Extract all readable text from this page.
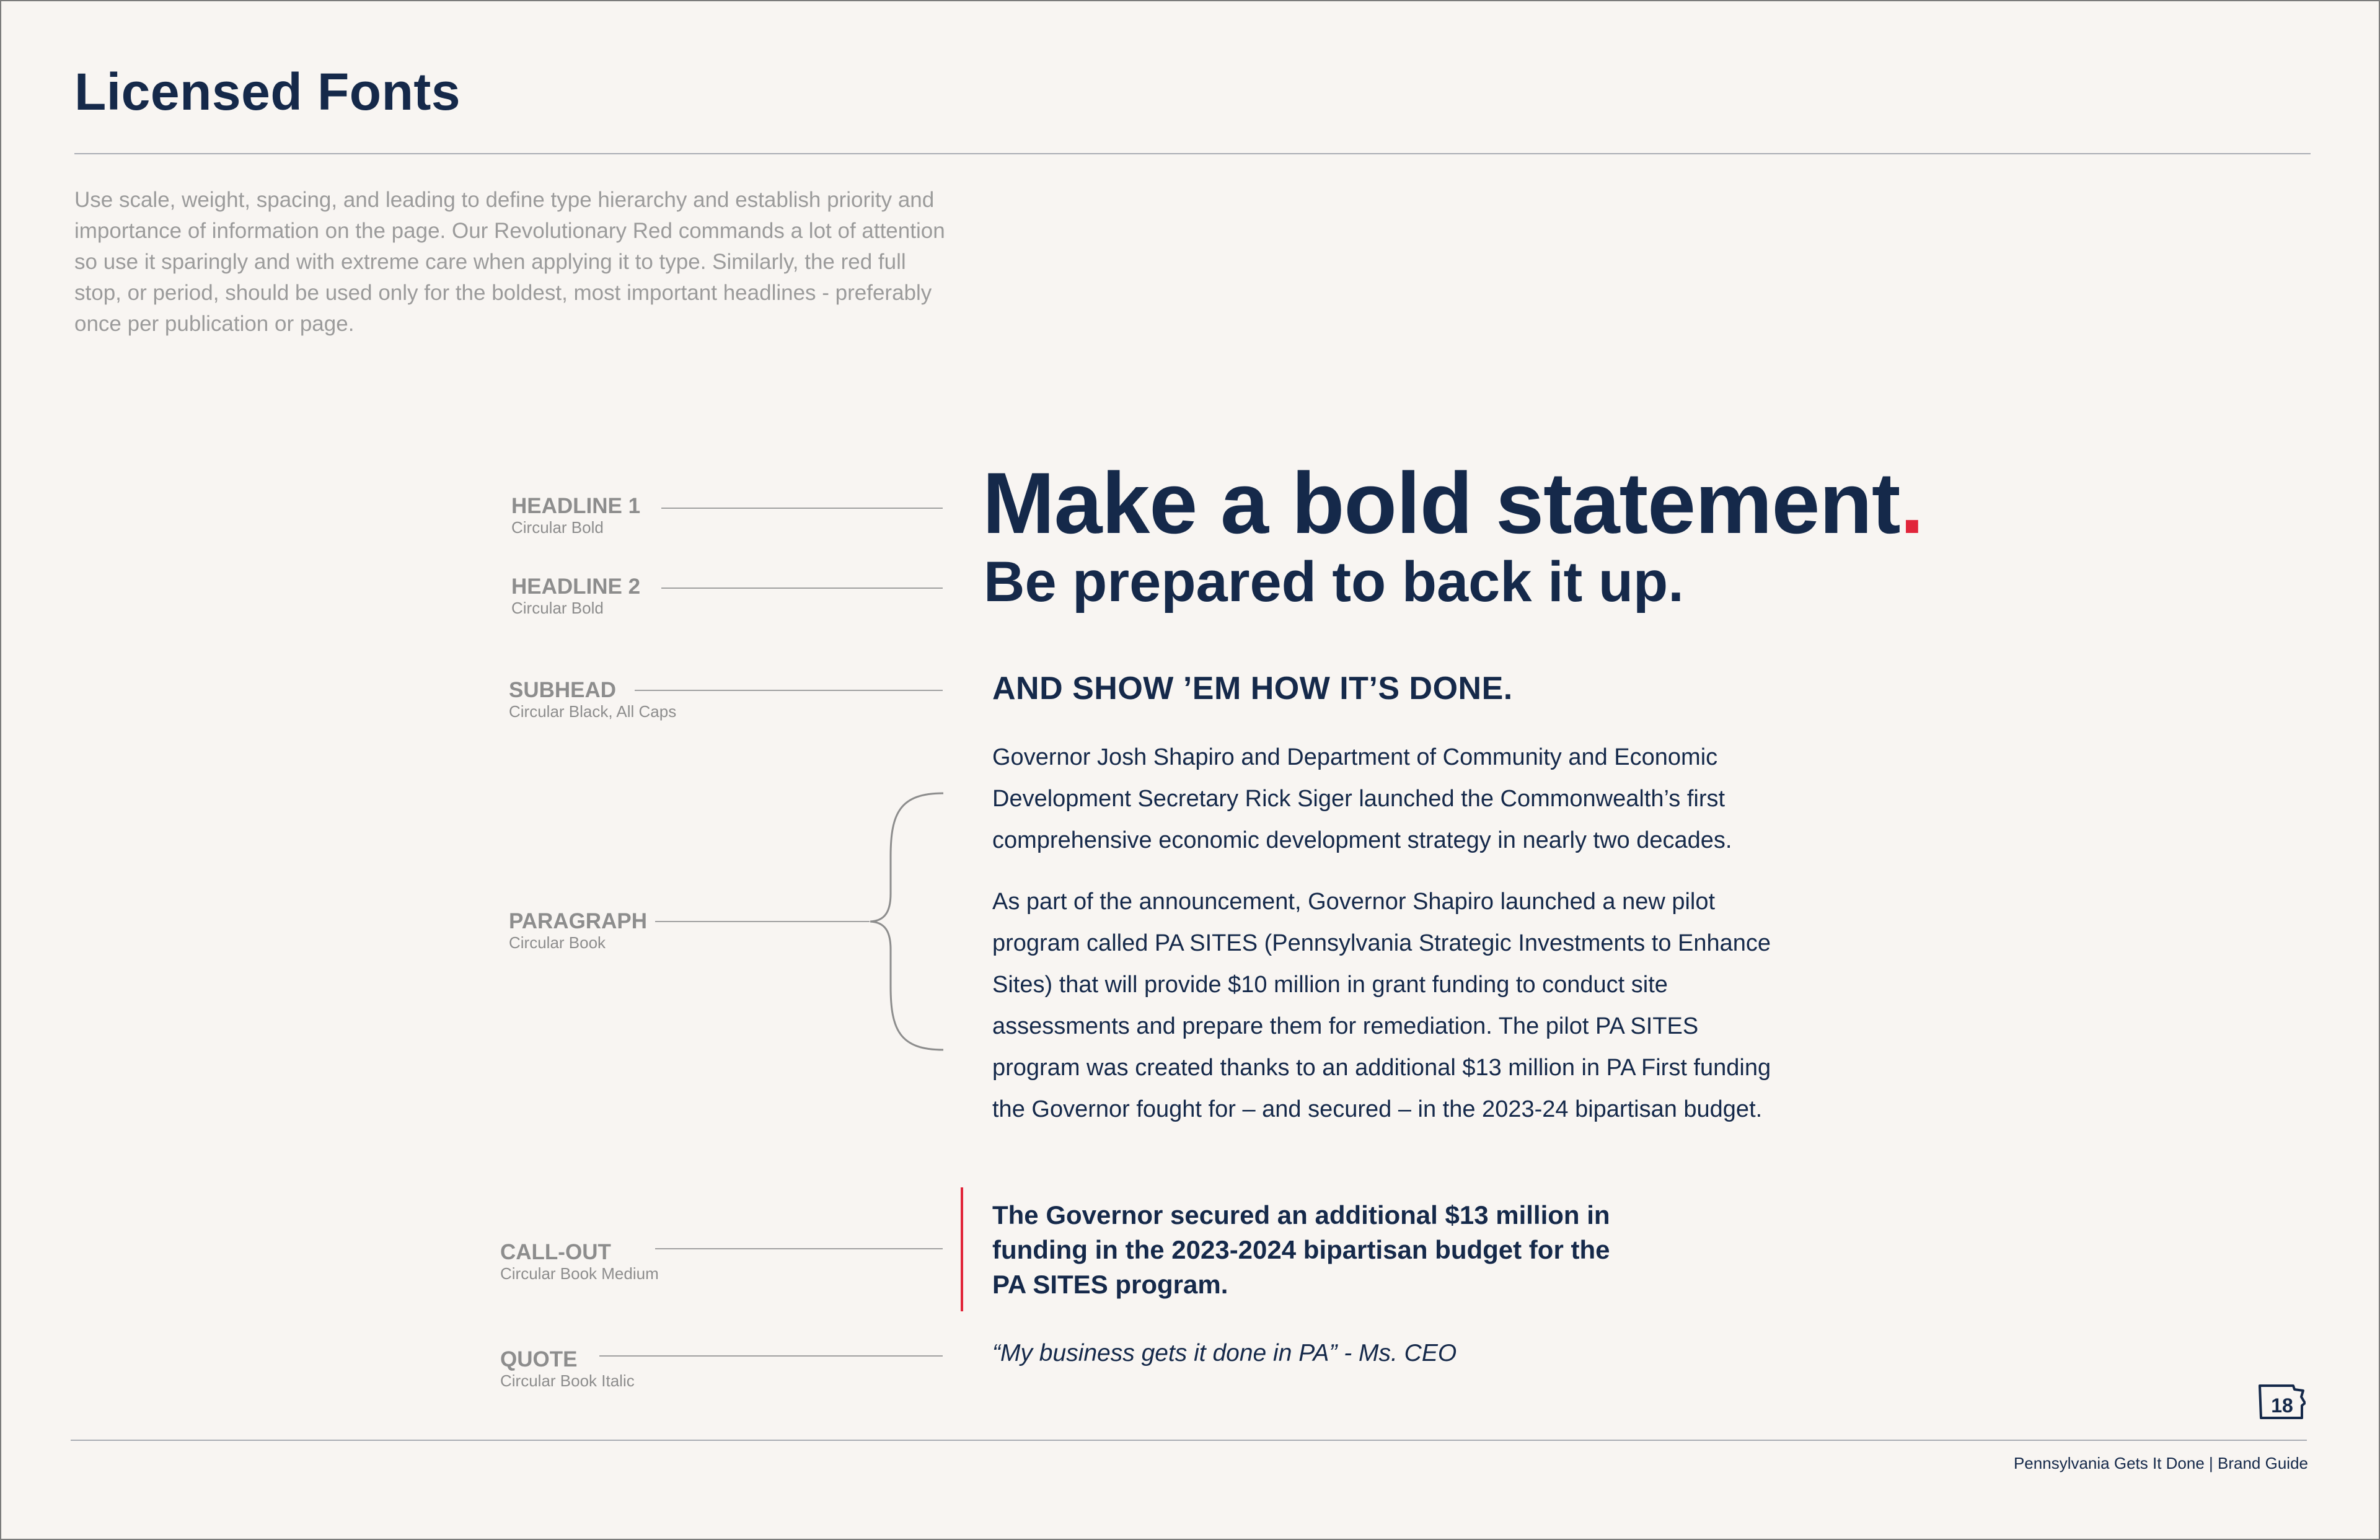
Licensed Fonts

Use scale, weight, spacing, and leading to define type hierarchy and establish priority and importance of information on the page. Our Revolutionary Red commands a lot of attention so use it sparingly and with extreme care when applying it to type. Similarly, the red full stop, or period, should be used only for the boldest, most important headlines - preferably once per publication or page.

HEADLINE 1
Circular Bold
HEADLINE 2
Circular Bold
SUBHEAD
Circular Black, All Caps
PARAGRAPH
Circular Book
CALL-OUT
Circular Book Medium
QUOTE
Circular Book Italic
Make a bold statement.
Be prepared to back it up.
AND SHOW ’EM HOW IT’S DONE.

Governor Josh Shapiro and Department of Community and Economic Development Secretary Rick Siger launched the Commonwealth’s first comprehensive economic development strategy in nearly two decades.

As part of the announcement, Governor Shapiro launched a new pilot program called PA SITES (Pennsylvania Strategic Investments to Enhance Sites) that will provide $10 million in grant funding to conduct site assessments and prepare them for remediation. The pilot PA SITES program was created thanks to an additional $13 million in PA First funding the Governor fought for – and secured – in the 2023-24 bipartisan budget.

The Governor secured an additional $13 million in funding in the 2023-2024 bipartisan budget for the PA SITES program.

“My business gets it done in PA” - Ms. CEO
18
Pennsylvania Gets It Done | Brand Guide
